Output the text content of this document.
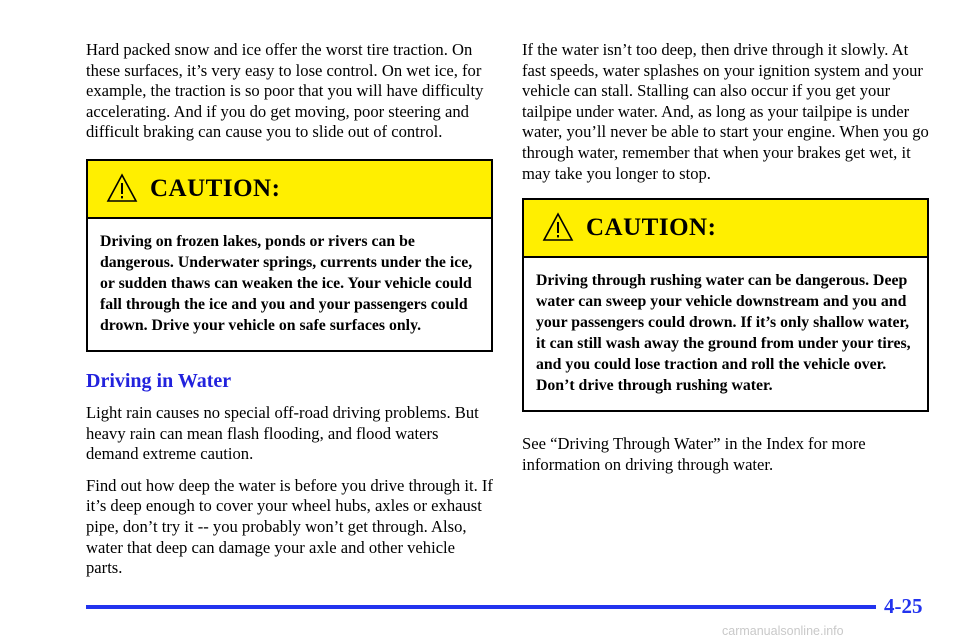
Hard packed snow and ice offer the worst tire traction. On these surfaces, it’s very easy to lose control. On wet ice, for example, the traction is so poor that you will have difficulty accelerating. And if you do get moving, poor steering and difficult braking can cause you to slide out of control.

CAUTION:
Driving on frozen lakes, ponds or rivers can be dangerous. Underwater springs, currents under the ice, or sudden thaws can weaken the ice. Your vehicle could fall through the ice and you and your passengers could drown. Drive your vehicle on safe surfaces only.
Driving in Water

Light rain causes no special off-road driving problems. But heavy rain can mean flash flooding, and flood waters demand extreme caution.

Find out how deep the water is before you drive through it. If it’s deep enough to cover your wheel hubs, axles or exhaust pipe, don’t try it -- you probably won’t get through. Also, water that deep can damage your axle and other vehicle parts.

If the water isn’t too deep, then drive through it slowly. At fast speeds, water splashes on your ignition system and your vehicle can stall. Stalling can also occur if you get your tailpipe under water. And, as long as your tailpipe is under water, you’ll never be able to start your engine. When you go through water, remember that when your brakes get wet, it may take you longer to stop.

CAUTION:
Driving through rushing water can be dangerous. Deep water can sweep your vehicle downstream and you and your passengers could drown. If it’s only shallow water, it can still wash away the ground from under your tires, and you could lose traction and roll the vehicle over. Don’t drive through rushing water.

See “Driving Through Water” in the Index for more information on driving through water.

4-25
carmanualsonline.info
